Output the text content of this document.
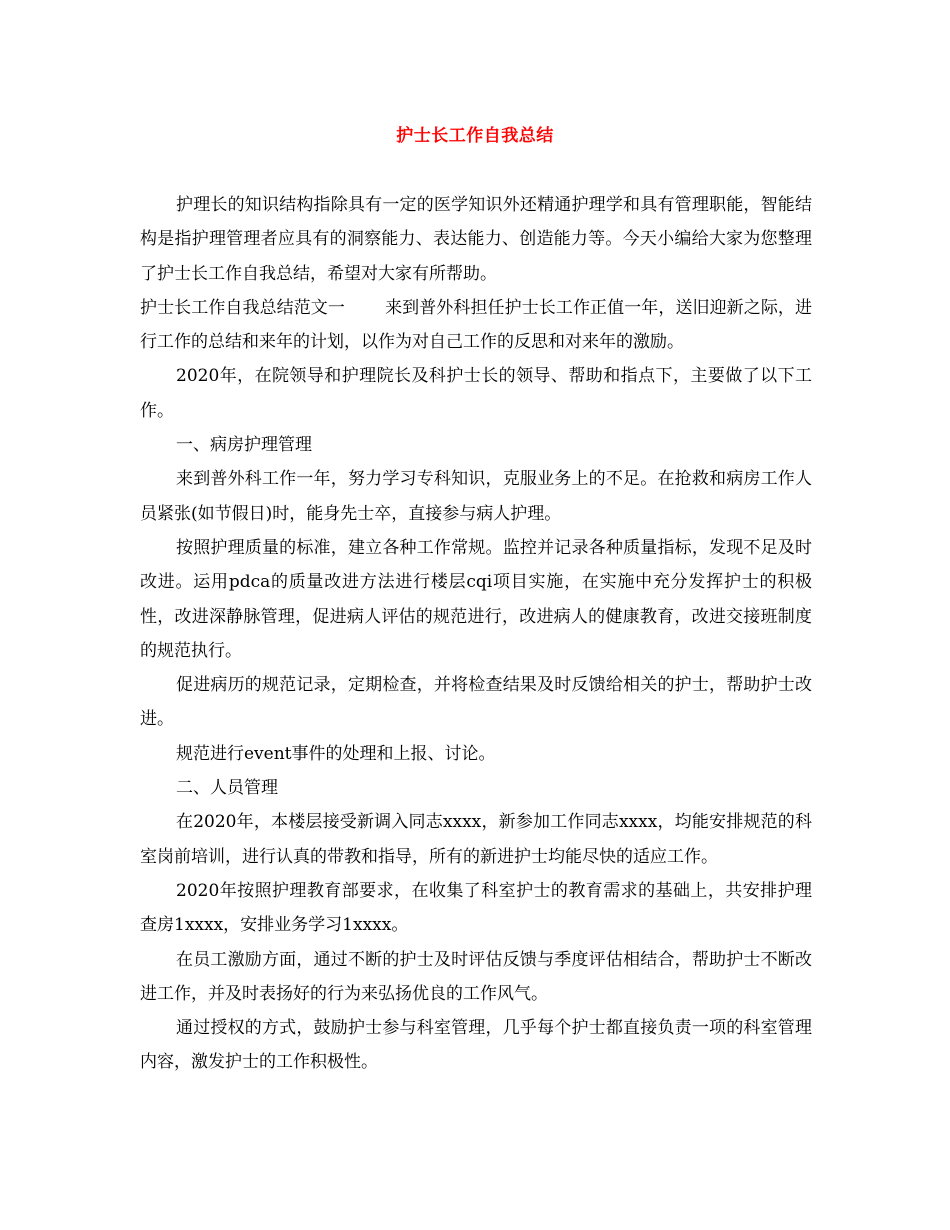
护士长工作自我总结

护理长的知识结构指除具有一定的医学知识外还精通护理学和具有管理职能，智能结构是指护理管理者应具有的洞察能力、表达能力、创造能力等。今天小编给大家为您整理了护士长工作自我总结，希望对大家有所帮助。

护士长工作自我总结范文一 来到普外科担任护士长工作正值一年，送旧迎新之际，进行工作的总结和来年的计划，以作为对自己工作的反思和对来年的激励。

2020年，在院领导和护理院长及科护士长的领导、帮助和指点下，主要做了以下工作。

一、病房护理管理

来到普外科工作一年，努力学习专科知识，克服业务上的不足。在抢救和病房工作人员紧张(如节假日)时，能身先士卒，直接参与病人护理。

按照护理质量的标准，建立各种工作常规。监控并记录各种质量指标，发现不足及时改进。运用pdca的质量改进方法进行楼层cqi项目实施，在实施中充分发挥护士的积极性，改进深静脉管理，促进病人评估的规范进行，改进病人的健康教育，改进交接班制度的规范执行。

促进病历的规范记录，定期检查，并将检查结果及时反馈给相关的护士，帮助护士改进。

规范进行event事件的处理和上报、讨论。

二、人员管理

在2020年，本楼层接受新调入同志xxxx，新参加工作同志xxxx，均能安排规范的科室岗前培训，进行认真的带教和指导，所有的新进护士均能尽快的适应工作。

2020年按照护理教育部要求，在收集了科室护士的教育需求的基础上，共安排护理查房1xxxx，安排业务学习1xxxx。

在员工激励方面，通过不断的护士及时评估反馈与季度评估相结合，帮助护士不断改进工作，并及时表扬好的行为来弘扬优良的工作风气。

通过授权的方式，鼓励护士参与科室管理，几乎每个护士都直接负责一项的科室管理内容，激发护士的工作积极性。
